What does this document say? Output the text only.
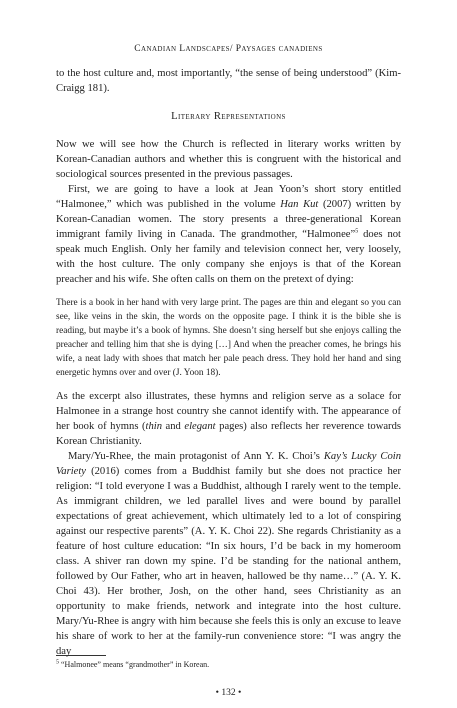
Canadian Landscapes/ Paysages canadiens

to the host culture and, most importantly, “the sense of being understood” (Kim-Craigg 181).

Literary Representations

Now we will see how the Church is reflected in literary works written by Korean-Canadian authors and whether this is congruent with the historical and sociological sources presented in the previous passages.

First, we are going to have a look at Jean Yoon’s short story entitled “Halmonee,” which was published in the volume Han Kut (2007) written by Korean-Canadian women. The story presents a three-generational Korean immigrant family living in Canada. The grandmother, “Halmonee”$^5$ does not speak much English. Only her family and television connect her, very loosely, with the host culture. The only company she enjoys is that of the Korean preacher and his wife. She often calls on them on the pretext of dying:

There is a book in her hand with very large print. The pages are thin and elegant so you can see, like veins in the skin, the words on the opposite page. I think it is the bible she is reading, but maybe it’s a book of hymns. She doesn’t sing herself but she enjoys calling the preacher and telling him that she is dying […] And when the preacher comes, he brings his wife, a neat lady with shoes that match her pale peach dress. They hold her hand and sing energetic hymns over and over (J. Yoon 18).

As the excerpt also illustrates, these hymns and religion serve as a solace for Halmonee in a strange host country she cannot identify with. The appearance of her book of hymns (thin and elegant pages) also reflects her reverence towards Korean Christianity.

Mary/Yu-Rhee, the main protagonist of Ann Y. K. Choi’s Kay’s Lucky Coin Variety (2016) comes from a Buddhist family but she does not practice her religion: “I told everyone I was a Buddhist, although I rarely went to the temple. As immigrant children, we led parallel lives and were bound by parallel expectations of great achievement, which ultimately led to a lot of conspiring against our respective parents” (A. Y. K. Choi 22). She regards Christianity as a feature of host culture education: “In six hours, I’d be back in my homeroom class. A shiver ran down my spine. I’d be standing for the national anthem, followed by Our Father, who art in heaven, hallowed be thy name…” (A. Y. K. Choi 43). Her brother, Josh, on the other hand, sees Christianity as an opportunity to make friends, network and integrate into the host culture. Mary/Yu-Rhee is angry with him because she feels this is only an excuse to leave his share of work to her at the family-run convenience store: “I was angry the day

$^5$ “Halmonee” means “grandmother” in Korean.
• 132 •
